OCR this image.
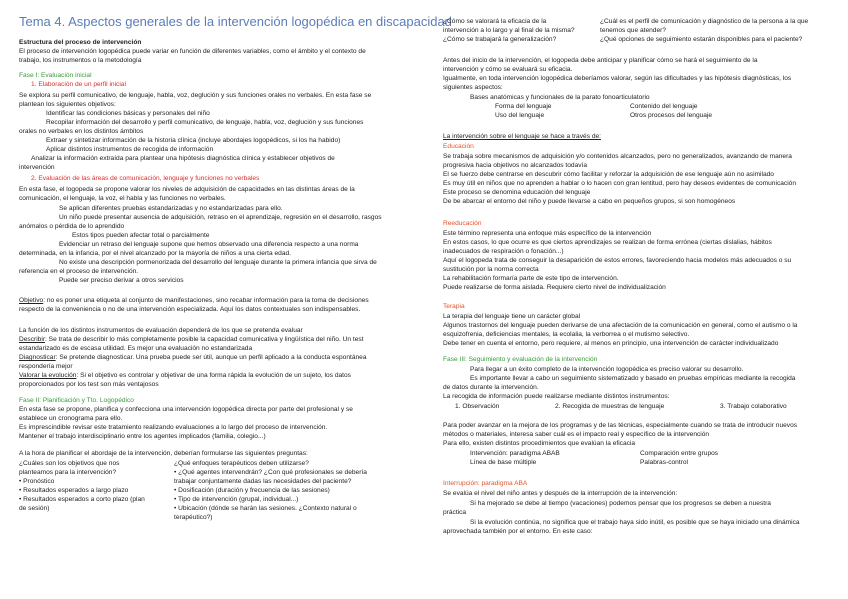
Tema 4. Aspectos generales de la intervención logopédica en discapacidad
Estructura del proceso de intervención
El proceso de intervención logopédica puede variar en función de diferentes variables, como el ámbito y el contexto de
trabajo, los instrumentos o la metodología
Fase I: Evaluación inicial
1. Elaboración de un perfil inicial
Se explora su perfil comunicativo, de lenguaje, habla, voz, deglución y sus funciones orales no verbales. En esta fase se
plantean los siguientes objetivos:
Identificar las condiciones básicas y personales del niño
Recopilar información del desarrollo y perfil comunicativo, de lenguaje, habla, voz, deglución y sus funciones
orales no verbales en los distintos ámbitos
Extraer y sintetizar información de la historia clínica (incluye abordajes logopédicos, si los ha habido)
Aplicar distintos instrumentos de recogida de información
Analizar la información extraída para plantear una hipótesis diagnóstica clínica y establecer objetivos de
intervención
2. Evaluación de las áreas de comunicación, lenguaje y funciones no verbales
En esta fase, el logopeda se propone valorar los niveles de adquisición de capacidades en las distintas áreas de la
comunicación, el lenguaje, la voz, el habla y las funciones no verbales.
Se aplican diferentes pruebas estandarizadas y no estandarizadas para ello.
Un niño puede presentar ausencia de adquisición, retraso en el aprendizaje, regresión en el desarrollo, rasgos
anómalos o pérdida de lo aprendido
Estos tipos pueden afectar total o parcialmente
Evidenciar un retraso del lenguaje supone que hemos observado una diferencia respecto a una norma
determinada, en la infancia, por el nivel alcanzado por la mayoría de niños a una cierta edad.
No existe una descripción pormenorizada del desarrollo del lenguaje durante la primera infancia que sirva de
referencia en el proceso de intervención.
Puede ser preciso derivar a otros servicios
Objetivo: no es poner una etiqueta al conjunto de manifestaciones, sino recabar información para la toma de decisiones
respecto de la conveniencia o no de una intervención especializada. Aquí los datos contextuales son indispensables.
La función de los distintos instrumentos de evaluación dependerá de los que se pretenda evaluar
Describir: Se trata de describir lo más completamente posible la capacidad comunicativa y lingüística del niño. Un test
estandarizado es de escasa utilidad. Es mejor una evaluación no estandarizada
Diagnosticar: Se pretende diagnosticar. Una prueba puede ser útil, aunque un perfil aplicado a la conducta espontánea
respondería mejor
Valorar la evolución: Si el objetivo es controlar y objetivar de una forma rápida la evolución de un sujeto, los datos
proporcionados por los test son más ventajosos
Fase II: Planificación y Tto. Logopédico
En esta fase se propone, planifica y confecciona una intervención logopédica directa por parte del profesional y se
establece un cronograma para ello.
Es imprescindible revisar este tratamiento realizando evaluaciones a lo largo del proceso de intervención.
Mantener el trabajo interdisciplinario entre los agentes implicados (familia, colegio...)
A la hora de planificar el abordaje de la intervención, deberían formularse las siguientes preguntas:
¿Cuáles son los objetivos que nos
planteamos para la intervención?
• Pronóstico
• Resultados esperados a largo plazo
• Resultados esperados a corto plazo (plan
de sesión)
¿Qué enfoques terapéuticos deben utilizarse?
• ¿Qué agentes intervendrán? ¿Con qué profesionales se debería
trabajar conjuntamente dadas las necesidades del paciente?
• Dosificación (duración y frecuencia de las sesiones)
• Tipo de intervención (grupal, individual...)
• Ubicación (dónde se harán las sesiones. ¿Contexto natural o
terapéutico?)
¿Cómo se valorará la eficacia de la
intervención a lo largo y al final de la misma?
¿Cómo se trabajará la generalización?
¿Cuál es el perfil de comunicación y diagnóstico de la persona a la que
tenemos que atender?
¿Qué opciones de seguimiento estarán disponibles para el paciente?
Antes del inicio de la intervención, el logopeda debe anticipar y planificar cómo se hará el seguimiento de la
intervención y cómo se evaluará su eficacia.
Igualmente, en toda intervención logopédica deberíamos valorar, según las dificultades y las hipótesis diagnósticas, los
siguientes aspectos:
Bases anatómicas y funcionales de la parato fonoarticulatorio
Forma del lenguaje
Uso del lenguaje
Contenido del lenguaje
Otros procesos del lenguaje
La intervención sobre el lenguaje se hace a través de:
Educación
Se trabaja sobre mecanismos de adquisición y/o contenidos alcanzados, pero no generalizados, avanzando de manera
progresiva hacia objetivos no alcanzados todavía
El se fuerzo debe centrarse en descubrir cómo facilitar y reforzar la adquisición de ese lenguaje aún no asimilado
Es muy útil en niños que no aprenden a hablar o lo hacen con gran lentitud, pero hay deseos evidentes de comunicación
Este proceso se denomina educación del lenguaje
De be abarcar el entorno del niño y puede llevarse a cabo en pequeños grupos, si son homogéneos
Reeducación
Este término representa una enfoque más específico de la intervención
En estos casos, lo que ocurre es que ciertos aprendizajes se realizan de forma errónea (ciertas dislalias, hábitos
inadecuados de respiración o fonación...)
Aquí el logopeda trata de conseguir la desaparición de estos errores, favoreciendo hacia modelos más adecuados o su
sustitución por la norma correcta
La rehabilitación formaría parte de este tipo de intervención.
Puede realizarse de forma aislada. Requiere cierto nivel de individualización
Terapia
La terapia del lenguaje tiene un carácter global
Algunos trastornos del lenguaje pueden derivarse de una afectación de la comunicación en general, como el autismo o la
esquizofrenia, deficiencias mentales, la ecolalia, la verborrea o el mutismo selectivo.
Debe tener en cuenta el entorno, pero requiere, al menos en principio, una intervención de carácter individualizado
Fase III: Seguimiento y evaluación de la intervención
Para llegar a un éxito completo de la intervención logopédica es preciso valorar su desarrollo.
Es importante llevar a cabo un seguimiento sistematizado y basado en pruebas empíricas mediante la recogida
de datos durante la intervención.
La recogida de información puede realizarse mediante distintos instrumentos:
1. Observación	2. Recogida de muestras de lenguaje	3. Trabajo colaborativo
Para poder avanzar en la mejora de los programas y de las técnicas, especialmente cuando se trata de introducir nuevos
métodos o materiales, interesa saber cuál es el impacto real y específico de la intervención
Para ello, existen distintos procedimientos que evalúan la eficacia
Intervención: paradigma ABAB
Línea de base múltiple
Comparación entre grupos
Palabras-control
Interrupción: paradigma ABA
Se evalúa el nivel del niño antes y después de la interrupción de la intervención:
Si ha mejorado se debe al tiempo (vacaciones) podemos pensar que los progresos se deben a nuestra
práctica
Si la evolución continúa, no significa que el trabajo haya sido inútil, es posible que se haya iniciado una dinámica
aprovechada también por el entorno. En este caso:
